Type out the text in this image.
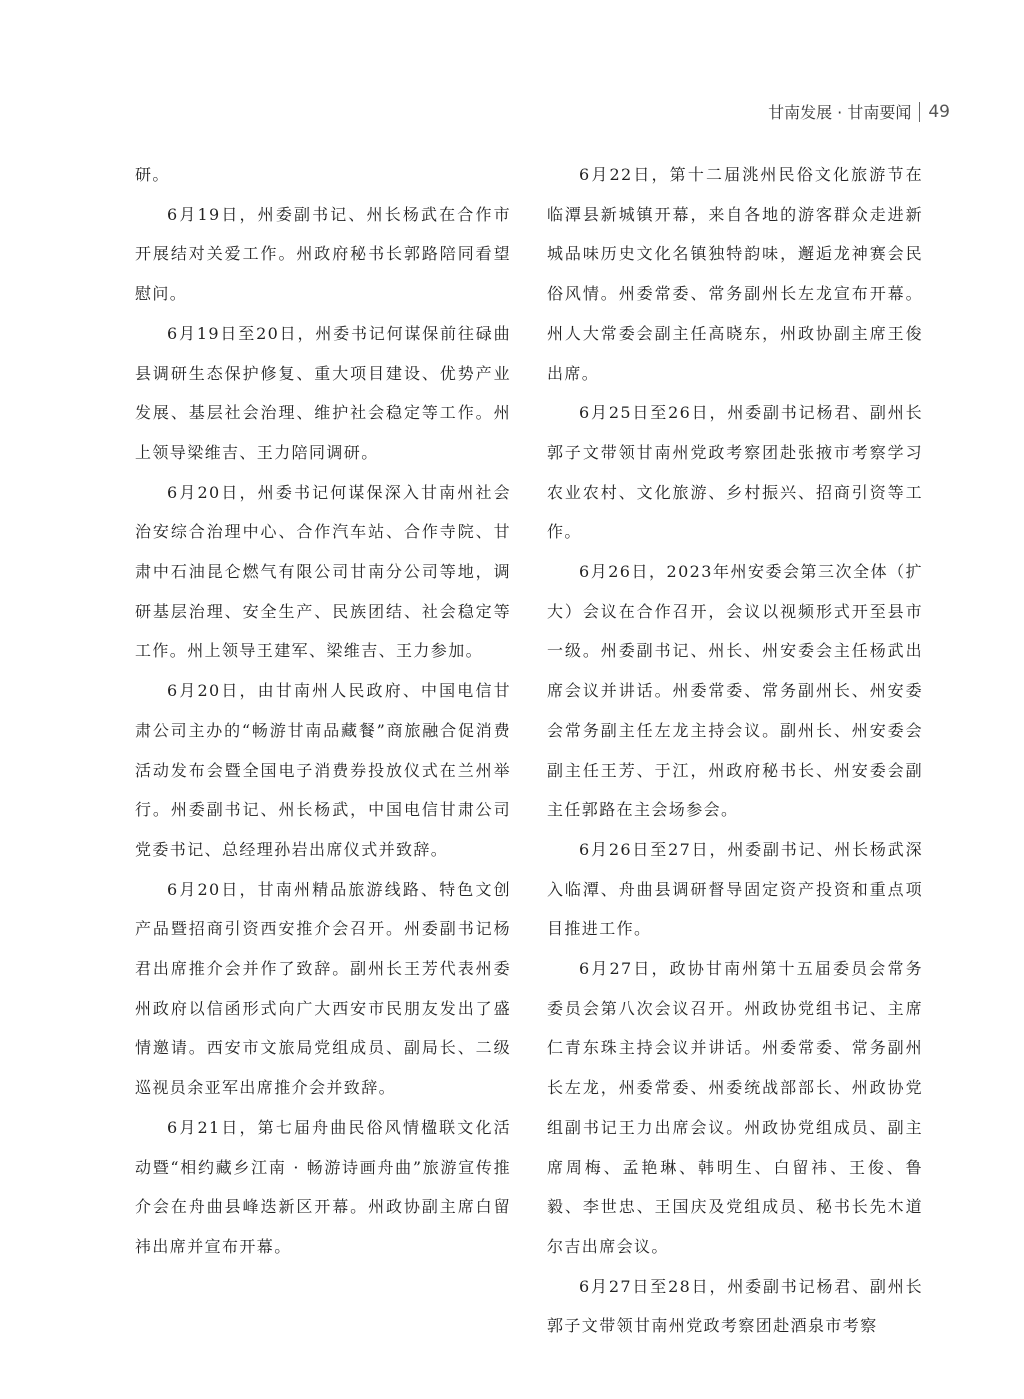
甘南发展 · 甘南要闻 49

研。

6月19日，州委副书记、州长杨武在合作市开展结对关爱工作。州政府秘书长郭路陪同看望慰问。

6月19日至20日，州委书记何谋保前往碌曲县调研生态保护修复、重大项目建设、优势产业发展、基层社会治理、维护社会稳定等工作。州上领导梁维吉、王力陪同调研。

6月20日，州委书记何谋保深入甘南州社会治安综合治理中心、合作汽车站、合作寺院、甘肃中石油昆仑燃气有限公司甘南分公司等地，调研基层治理、安全生产、民族团结、社会稳定等工作。州上领导王建军、梁维吉、王力参加。

6月20日，由甘南州人民政府、中国电信甘肃公司主办的“畅游甘南品藏餐”商旅融合促消费活动发布会暨全国电子消费券投放仪式在兰州举行。州委副书记、州长杨武，中国电信甘肃公司党委书记、总经理孙岩出席仪式并致辞。

6月20日，甘南州精品旅游线路、特色文创产品暨招商引资西安推介会召开。州委副书记杨君出席推介会并作了致辞。副州长王芳代表州委州政府以信函形式向广大西安市民朋友发出了盛情邀请。西安市文旅局党组成员、副局长、二级巡视员余亚军出席推介会并致辞。

6月21日，第七届舟曲民俗风情楹联文化活动暨“相约藏乡江南 · 畅游诗画舟曲”旅游宣传推介会在舟曲县峰迭新区开幕。州政协副主席白留祎出席并宣布开幕。

6月22日，第十二届洮州民俗文化旅游节在临潭县新城镇开幕，来自各地的游客群众走进新城品味历史文化名镇独特韵味，邂逅龙神赛会民俗风情。州委常委、常务副州长左龙宣布开幕。州人大常委会副主任高晓东，州政协副主席王俊出席。

6月25日至26日，州委副书记杨君、副州长郭子文带领甘南州党政考察团赴张掖市考察学习农业农村、文化旅游、乡村振兴、招商引资等工作。

6月26日，2023年州安委会第三次全体（扩大）会议在合作召开，会议以视频形式开至县市一级。州委副书记、州长、州安委会主任杨武出席会议并讲话。州委常委、常务副州长、州安委会常务副主任左龙主持会议。副州长、州安委会副主任王芳、于江，州政府秘书长、州安委会副主任郭路在主会场参会。

6月26日至27日，州委副书记、州长杨武深入临潭、舟曲县调研督导固定资产投资和重点项目推进工作。

6月27日，政协甘南州第十五届委员会常务委员会第八次会议召开。州政协党组书记、主席仁青东珠主持会议并讲话。州委常委、常务副州长左龙，州委常委、州委统战部部长、州政协党组副书记王力出席会议。州政协党组成员、副主席周梅、孟艳琳、韩明生、白留祎、王俊、鲁毅、李世忠、王国庆及党组成员、秘书长先木道尔吉出席会议。

6月27日至28日，州委副书记杨君、副州长郭子文带领甘南州党政考察团赴酒泉市考察
